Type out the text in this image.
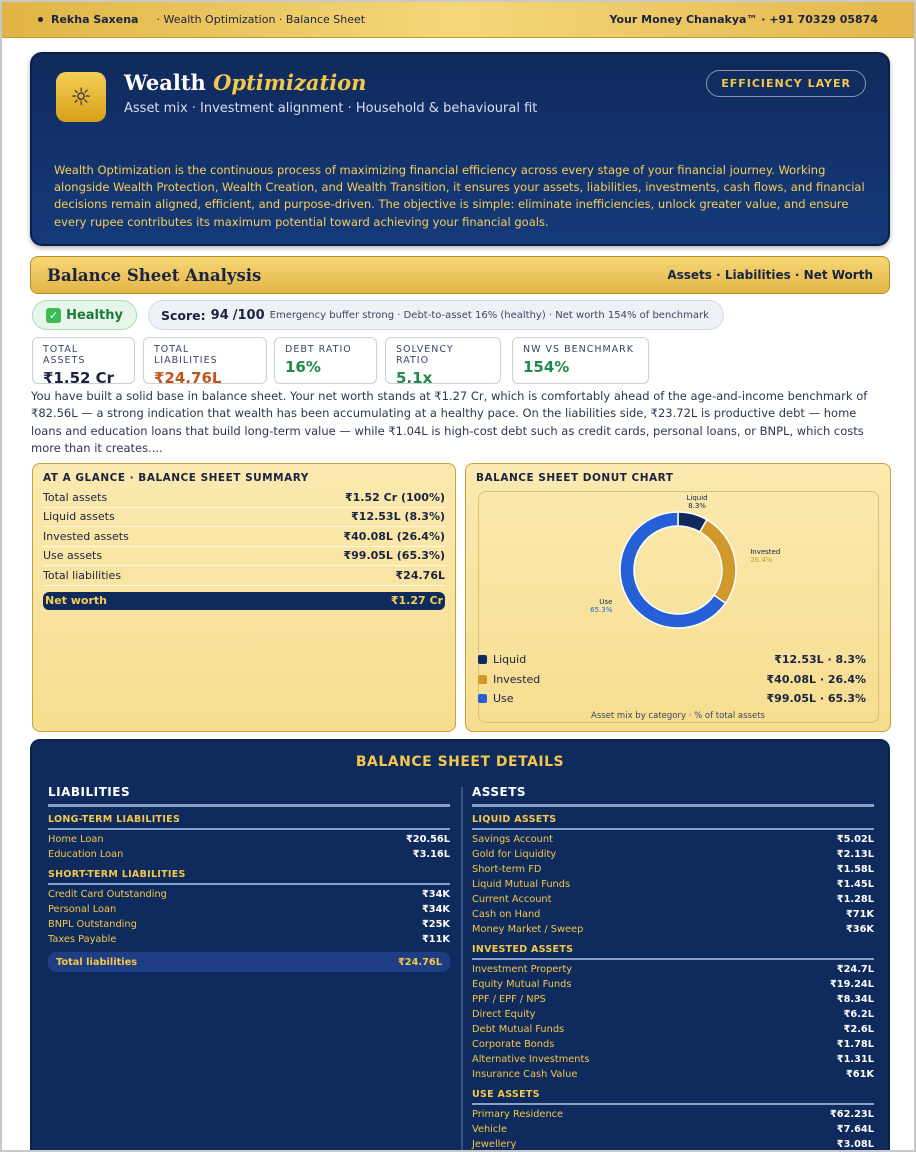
Rekha Saxena · Wealth Optimization · Balance Sheet	Your Money Chanakya™ · +91 70329 05874
☼
Wealth Optimization
Asset mix · Investment alignment · Household & behavioural fit
EFFICIENCY LAYER
Wealth Optimization is the continuous process of maximizing financial efficiency across every stage of your financial journey. Working alongside Wealth Protection, Wealth Creation, and Wealth Transition, it ensures your assets, liabilities, investments, cash flows, and financial decisions remain aligned, efficient, and purpose-driven. The objective is simple: eliminate inefficiencies, unlock greater value, and ensure every rupee contributes its maximum potential toward achieving your financial goals.
Balance Sheet Analysis	Assets · Liabilities · Net Worth
✓ Healthy	Score: 94 /100 Emergency buffer strong · Debt-to-asset 16% (healthy) · Net worth 154% of benchmark
TOTAL ASSETS
₹1.52 Cr
TOTAL LIABILITIES
₹24.76L
DEBT RATIO
16%
SOLVENCY RATIO
5.1x
NW VS BENCHMARK
154%
You have built a solid base in balance sheet. Your net worth stands at ₹1.27 Cr, which is comfortably ahead of the age-and-income benchmark of ₹82.56L — a strong indication that wealth has been accumulating at a healthy pace. On the liabilities side, ₹23.72L is productive debt — home loans and education loans that build long-term value — while ₹1.04L is high-cost debt such as credit cards, personal loans, or BNPL, which costs more than it creates....
AT A GLANCE · BALANCE SHEET SUMMARY
Total assets	₹1.52 Cr (100%)
Liquid assets	₹12.53L (8.3%)
Invested assets	₹40.08L (26.4%)
Use assets	₹99.05L (65.3%)
Total liabilities	₹24.76L
Net worth	₹1.27 Cr
BALANCE SHEET DONUT CHART
Liquid
8.3%
Invested
26.4%
Use
65.3%
Asset mix by category · % of total assets
Liquid	₹12.53L · 8.3%
Invested	₹40.08L · 26.4%
Use	₹99.05L · 65.3%
BALANCE SHEET DETAILS
LIABILITIES
LONG-TERM LIABILITIES
Home Loan	₹20.56L
Education Loan	₹3.16L
SHORT-TERM LIABILITIES
Credit Card Outstanding	₹34K
Personal Loan	₹34K
BNPL Outstanding	₹25K
Taxes Payable	₹11K
Total liabilities	₹24.76L
ASSETS
LIQUID ASSETS
Savings Account	₹5.02L
Gold for Liquidity	₹2.13L
Short-term FD	₹1.58L
Liquid Mutual Funds	₹1.45L
Current Account	₹1.28L
Cash on Hand	₹71K
Money Market / Sweep	₹36K
INVESTED ASSETS
Investment Property	₹24.7L
Equity Mutual Funds	₹19.24L
PPF / EPF / NPS	₹8.34L
Direct Equity	₹6.2L
Debt Mutual Funds	₹2.6L
Corporate Bonds	₹1.78L
Alternative Investments	₹1.31L
Insurance Cash Value	₹61K
USE ASSETS
Primary Residence	₹62.23L
Vehicle	₹7.64L
Jewellery	₹3.08L
